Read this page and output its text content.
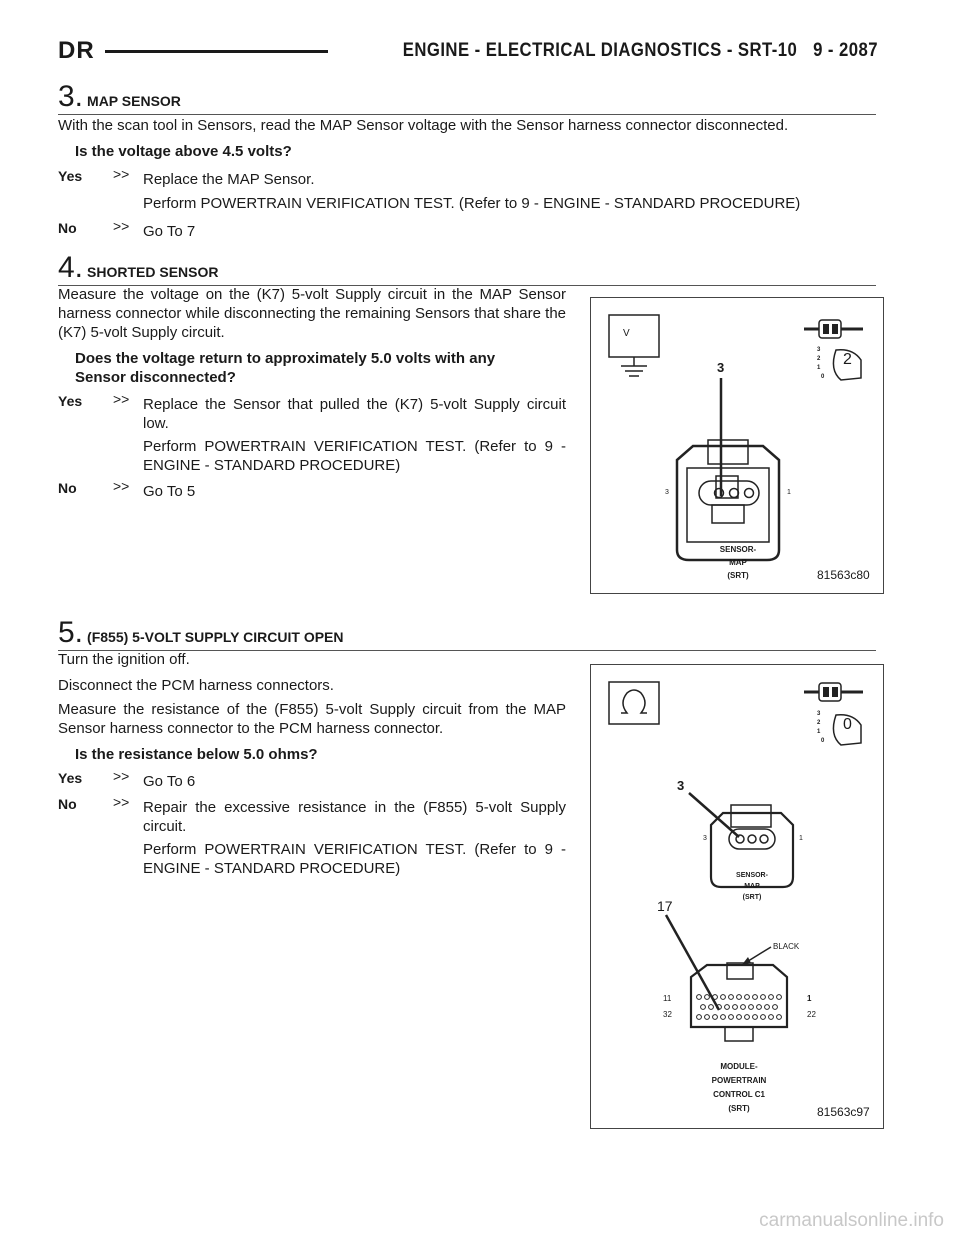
DR	ENGINE - ELECTRICAL DIAGNOSTICS - SRT-10 9 - 2087
3. MAP SENSOR
With the scan tool in Sensors, read the MAP Sensor voltage with the Sensor harness connector disconnected.
Is the voltage above 4.5 volts?
Yes >> Replace the MAP Sensor.
Perform POWERTRAIN VERIFICATION TEST. (Refer to 9 - ENGINE - STANDARD PROCEDURE)
No	>> Go To 7
4. SHORTED SENSOR
Measure the voltage on the (K7) 5-volt Supply circuit in the MAP Sensor harness connector while disconnecting the remaining Sensors that share the (K7) 5-volt Supply circuit.
Does the voltage return to approximately 5.0 volts with any
Sensor disconnected?
Yes >> Replace the Sensor that pulled the (K7) 5-volt Supply circuit low.
Perform POWERTRAIN VERIFICATION TEST. (Refer to 9 - ENGINE - STANDARD PROCEDURE)
No	>> Go To 5
V
3
3	1
3
2
1
0
2
SENSOR-
MAP
(SRT)	81563c80
5. (F855) 5-VOLT SUPPLY CIRCUIT OPEN
Turn the ignition off.
Disconnect the PCM harness connectors.
Measure the resistance of the (F855) 5-volt Supply circuit from the MAP Sensor harness connector to the PCM harness connector.
Is the resistance below 5.0 ohms?
Yes >> Go To 6
No	>> Repair the excessive resistance in the (F855) 5-volt Supply circuit.
Perform POWERTRAIN VERIFICATION TEST. (Refer to 9 - ENGINE - STANDARD PROCEDURE)
3
2
1
0
0
3
3	1
SENSOR-
MAP
(SRT)
17
BLACK
11	1
32	22
MODULE-
POWERTRAIN
CONTROL C1
(SRT)	81563c97
carmanualsonline.info
